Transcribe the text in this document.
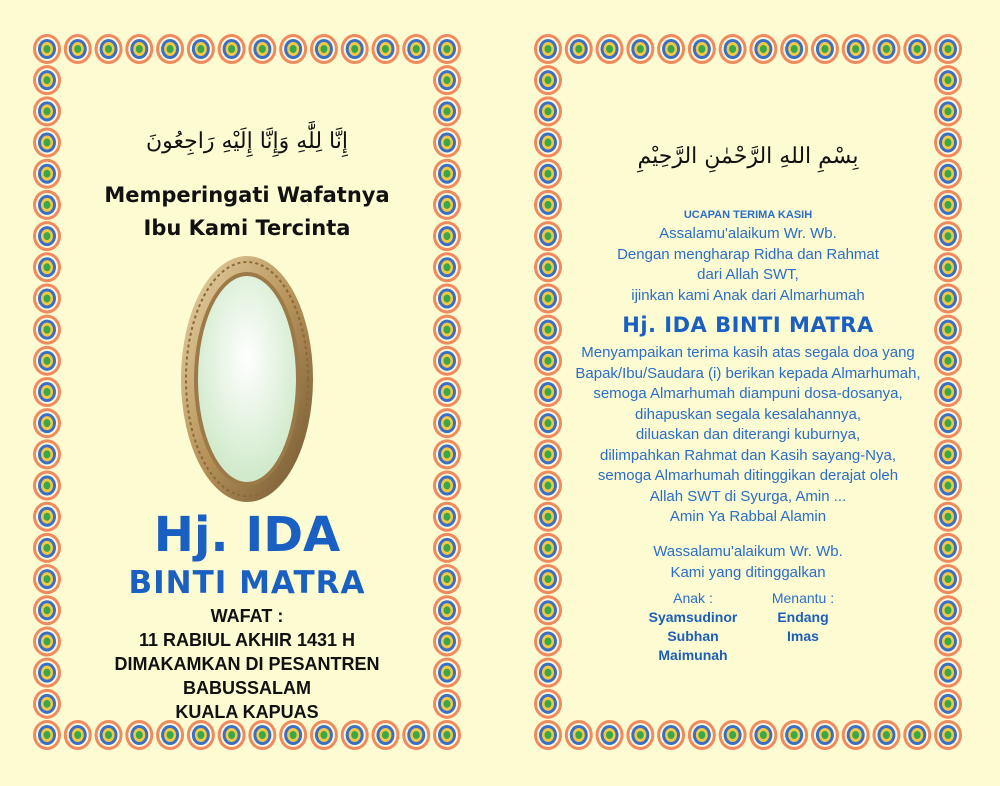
إِنَّا لِلَّٰهِ وَإِنَّا إِلَيْهِ رَاجِعُونَ
Memperingati Wafatnya
Ibu Kami Tercinta
Hj. IDA
BINTI MATRA
WAFAT :
11 RABIUL AKHIR 1431 H
DIMAKAMKAN DI PESANTREN
BABUSSALAM
KUALA KAPUAS
بِسْمِ اللهِ الرَّحْمٰنِ الرَّحِيْمِ
UCAPAN TERIMA KASIH
Assalamu'alaikum Wr. Wb.
Dengan mengharap Ridha dan Rahmat
dari Allah SWT,
ijinkan kami Anak dari Almarhumah
Hj. IDA BINTI MATRA
Menyampaikan terima kasih atas segala doa yang
Bapak/Ibu/Saudara (i) berikan kepada Almarhumah,
semoga Almarhumah diampuni dosa-dosanya,
dihapuskan segala kesalahannya,
diluaskan dan diterangi kuburnya,
dilimpahkan Rahmat dan Kasih sayang-Nya,
semoga Almarhumah ditinggikan derajat oleh
Allah SWT di Syurga, Amin ...
Amin Ya Rabbal Alamin
Wassalamu'alaikum Wr. Wb.
Kami yang ditinggalkan
Anak :
Syamsudinor
Subhan
Maimunah
Menantu :
Endang
Imas
